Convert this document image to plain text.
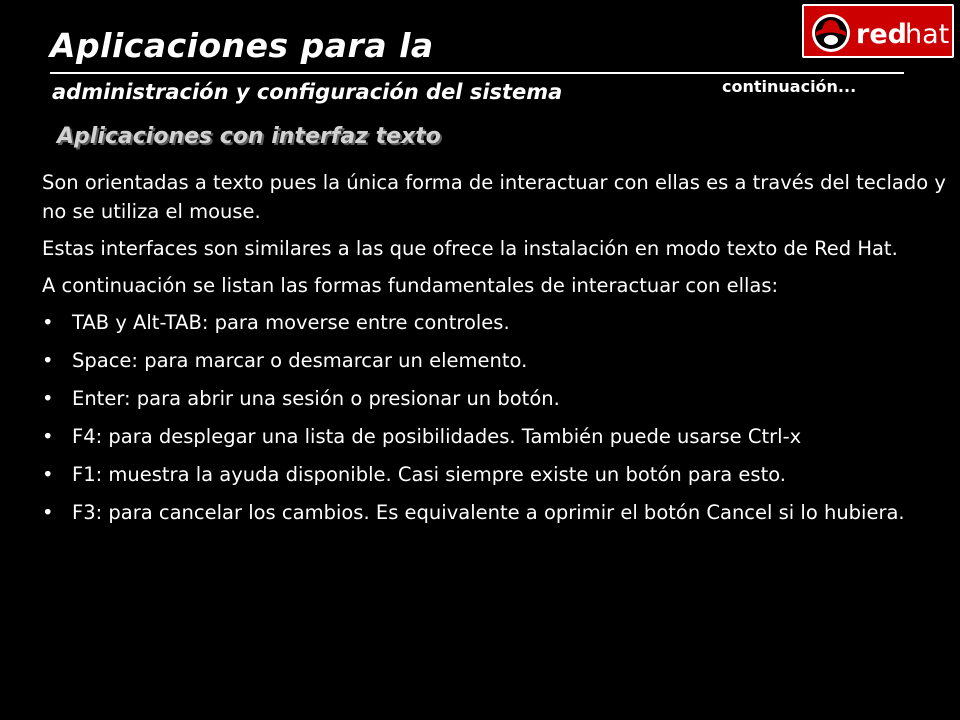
Aplicaciones para la
administración y configuración del sistema	continuación...
red
hat
Aplicaciones con interfaz texto

Son orientadas a texto pues la única forma de interactuar con ellas es a través del teclado y no se utiliza el mouse.

Estas interfaces son similares a las que ofrece la instalación en modo texto de Red Hat.

A continuación se listan las formas fundamentales de interactuar con ellas:

• TAB y Alt-TAB: para moverse entre controles.
• Space: para marcar o desmarcar un elemento.
• Enter: para abrir una sesión o presionar un botón.
• F4: para desplegar una lista de posibilidades. También puede usarse Ctrl-x
• F1: muestra la ayuda disponible. Casi siempre existe un botón para esto.
• F3: para cancelar los cambios. Es equivalente a oprimir el botón Cancel si lo hubiera.
